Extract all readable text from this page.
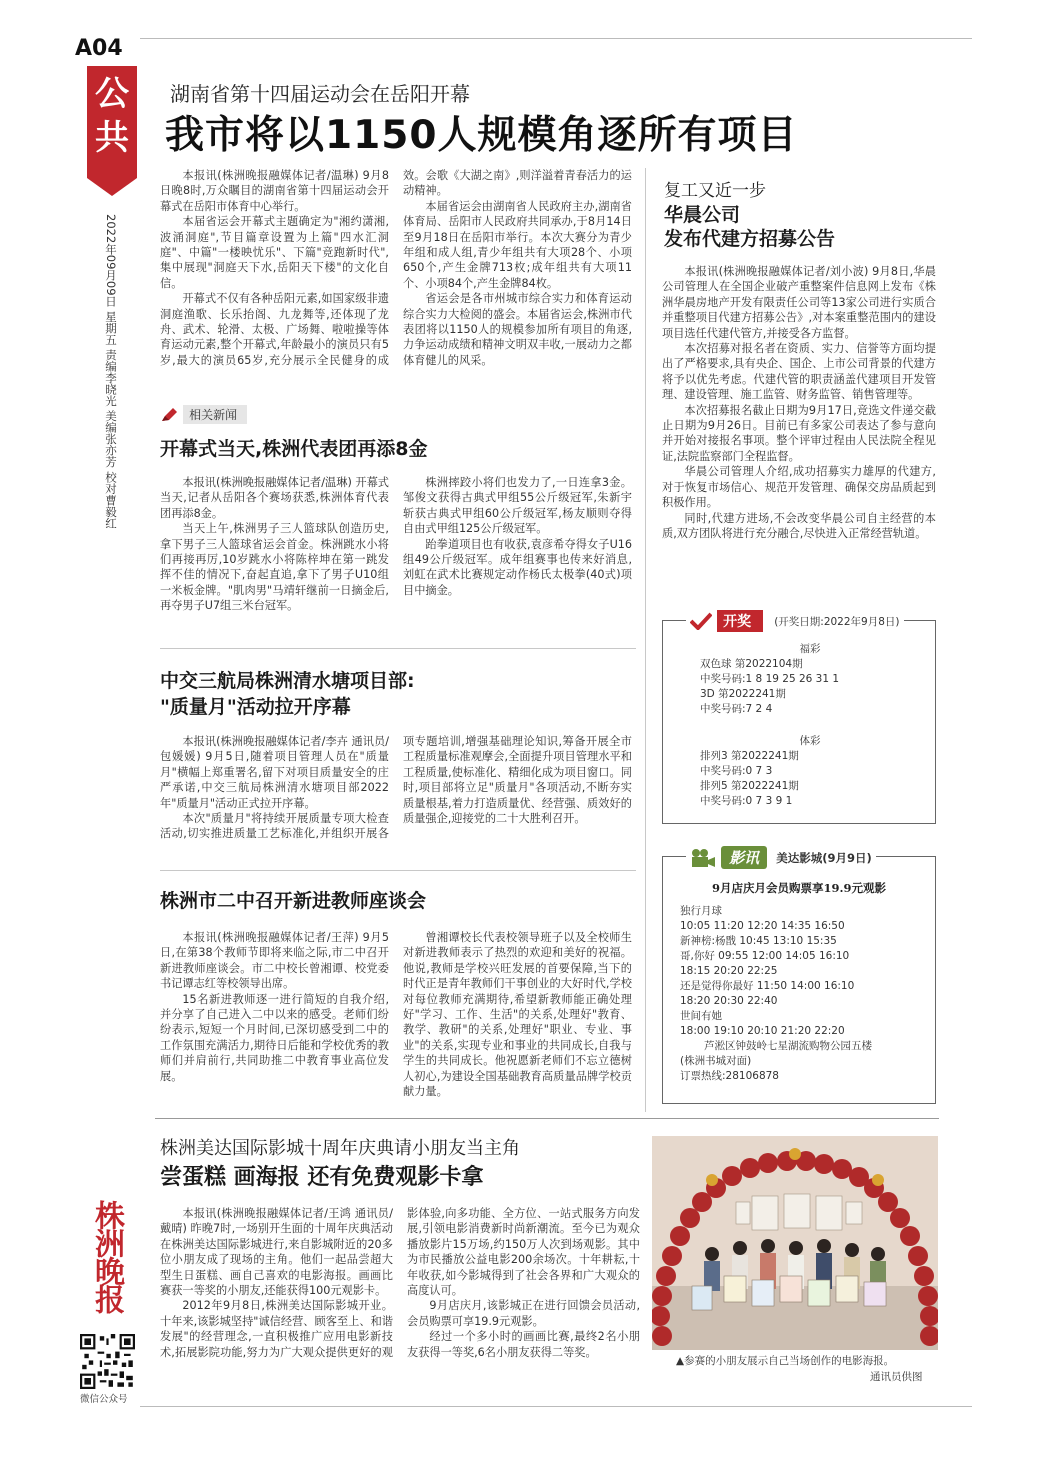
A04
公共
2022年09月09日 星期五 责编李晓光 美编张亦芳 校对曹毅红
株洲晚报
微信公众号
湖南省第十四届运动会在岳阳开幕
我市将以1150人规模角逐所有项目

本报讯(株洲晚报融媒体记者/温琳) 9月8日晚8时,万众瞩目的湖南省第十四届运动会开幕式在岳阳市体育中心举行。

本届省运会开幕式主题确定为"湘约潇湘,波涌洞庭",节目篇章设置为上篇"四水汇洞庭"、中篇"一楼映忧乐"、下篇"竞跑新时代",集中展现"洞庭天下水,岳阳天下楼"的文化自信。

开幕式不仅有各种岳阳元素,如国家级非遗洞庭渔歌、长乐抬阁、九龙舞等,还体现了龙舟、武术、轮滑、太极、广场舞、啦啦操等体育运动元素,整个开幕式,年龄最小的演员只有5岁,最大的演员65岁,充分展示全民健身的成效。会歌《大湖之南》,则洋溢着青春活力的运动精神。

本届省运会由湖南省人民政府主办,湖南省体育局、岳阳市人民政府共同承办,于8月14日至9月18日在岳阳市举行。本次大赛分为青少年组和成人组,青少年组共有大项28个、小项650个,产生金牌713枚;成年组共有大项11个、小项84个,产生金牌84枚。

省运会是各市州城市综合实力和体育运动综合实力大检阅的盛会。本届省运会,株洲市代表团将以1150人的规模参加所有项目的角逐,力争运动成绩和精神文明双丰收,一展动力之都体育健儿的风采。

相关新闻
开幕式当天,株洲代表团再添8金

本报讯(株洲晚报融媒体记者/温琳) 开幕式当天,记者从岳阳各个赛场获悉,株洲体育代表团再添8金。

当天上午,株洲男子三人篮球队创造历史,拿下男子三人篮球省运会首金。株洲跳水小将们再接再厉,10岁跳水小将陈梓坤在第一跳发挥不佳的情况下,奋起直追,拿下了男子U10组一米板金牌。"肌肉男"马靖轩继前一日摘金后,再夺男子U7组三米台冠军。

株洲摔跤小将们也发力了,一日连拿3金。邹俊文获得古典式甲组55公斤级冠军,朱新宇斩获古典式甲组60公斤级冠军,杨友顺则夺得自由式甲组125公斤级冠军。

跆拳道项目也有收获,袁彦希夺得女子U16组49公斤级冠军。成年组赛事也传来好消息,刘虹在武术比赛规定动作杨氏太极拳(40式)项目中摘金。

中交三航局株洲清水塘项目部:
"质量月"活动拉开序幕

本报讯(株洲晚报融媒体记者/李卉 通讯员/包媛媛) 9月5日,随着项目管理人员在"质量月"横幅上郑重署名,留下对项目质量安全的庄严承诺,中交三航局株洲清水塘项目部2022年"质量月"活动正式拉开序幕。

本次"质量月"将持续开展质量专项大检查活动,切实推进质量工艺标准化,并组织开展各项专题培训,增强基础理论知识,筹备开展全市工程质量标准观摩会,全面提升项目管理水平和工程质量,使标准化、精细化成为项目窗口。同时,项目部将立足"质量月"各项活动,不断夯实质量根基,着力打造质量优、经营强、质效好的质量强企,迎接党的二十大胜利召开。

株洲市二中召开新进教师座谈会

本报讯(株洲晚报融媒体记者/王萍) 9月5日,在第38个教师节即将来临之际,市二中召开新进教师座谈会。市二中校长曾湘谭、校党委书记谭志红等校领导出席。

15名新进教师逐一进行简短的自我介绍,并分享了自己进入二中以来的感受。老师们纷纷表示,短短一个月时间,已深切感受到二中的工作氛围充满活力,期待日后能和学校优秀的教师们并肩前行,共同助推二中教育事业高位发展。

曾湘谭校长代表校领导班子以及全校师生对新进教师表示了热烈的欢迎和美好的祝福。他说,教师是学校兴旺发展的首要保障,当下的时代正是青年教师们干事创业的大好时代,学校对每位教师充满期待,希望新教师能正确处理好"学习、工作、生活"的关系,处理好"教育、教学、教研"的关系,处理好"职业、专业、事业"的关系,实现专业和事业的共同成长,自我与学生的共同成长。他祝愿新老师们不忘立德树人初心,为建设全国基础教育高质量品牌学校贡献力量。

复工又近一步
华晨公司
发布代建方招募公告

本报讯(株洲晚报融媒体记者/刘小波) 9月8日,华晨公司管理人在全国企业破产重整案件信息网上发布《株洲华晨房地产开发有限责任公司等13家公司进行实质合并重整项目代建方招募公告》,对本案重整范围内的建设项目选任代建代管方,并接受各方监督。

本次招募对报名者在资质、实力、信誉等方面均提出了严格要求,具有央企、国企、上市公司背景的代建方将予以优先考虑。代建代管的职责涵盖代建项目开发管理、建设管理、施工监管、财务监管、销售管理等。

本次招募报名截止日期为9月17日,竞选文件递交截止日期为9月26日。目前已有多家公司表达了参与意向并开始对接报名事项。整个评审过程由人民法院全程见证,法院监察部门全程监督。

华晨公司管理人介绍,成功招募实力雄厚的代建方,对于恢复市场信心、规范开发管理、确保交房品质起到积极作用。

同时,代建方进场,不会改变华晨公司自主经营的本质,双方团队将进行充分融合,尽快进入正常经营轨道。

开奖 (开奖日期:2022年9月8日)
福彩
双色球 第2022104期
中奖号码:1 8 19 25 26 31 1
3D 第2022241期
中奖号码:7 2 4
体彩
排列3 第2022241期
中奖号码:0 7 3
排列5 第2022241期
中奖号码:0 7 3 9 1
影讯 美达影城(9月9日)
9月店庆月会员购票享19.9元观影
独行月球
10:05 11:20 12:20 14:35 16:50
新神榜:杨戬 10:45 13:10 15:35
哥,你好 09:55 12:00 14:05 16:10
18:15 20:20 22:25
还是觉得你最好 11:50 14:00 16:10
18:20 20:30 22:40
世间有她
18:00 19:10 20:10 21:20 22:20
芦淞区钟鼓岭七星湖流购物公园五楼
(株洲书城对面)
订票热线:28106878
株洲美达国际影城十周年庆典请小朋友当主角
尝蛋糕 画海报 还有免费观影卡拿

本报讯(株洲晚报融媒体记者/王鸿 通讯员/戴晴) 昨晚7时,一场别开生面的十周年庆典活动在株洲美达国际影城进行,来自影城附近的20多位小朋友成了现场的主角。他们一起品尝超大型生日蛋糕、画自己喜欢的电影海报。画画比赛获一等奖的小朋友,还能获得100元观影卡。

2012年9月8日,株洲美达国际影城开业。十年来,该影城坚持"诚信经营、顾客至上、和谐发展"的经营理念,一直积极推广应用电影新技术,拓展影院功能,努力为广大观众提供更好的观影体验,向多功能、全方位、一站式服务方向发展,引领电影消费新时尚新潮流。至今已为观众播放影片15万场,约150万人次到场观影。其中为市民播放公益电影200余场次。十年耕耘,十年收获,如今影城得到了社会各界和广大观众的高度认可。

9月店庆月,该影城正在进行回馈会员活动,会员购票可享19.9元观影。

经过一个多小时的画画比赛,最终2名小朋友获得一等奖,6名小朋友获得二等奖。

▲参赛的小朋友展示自己当场创作的电影海报。
通讯员供图
